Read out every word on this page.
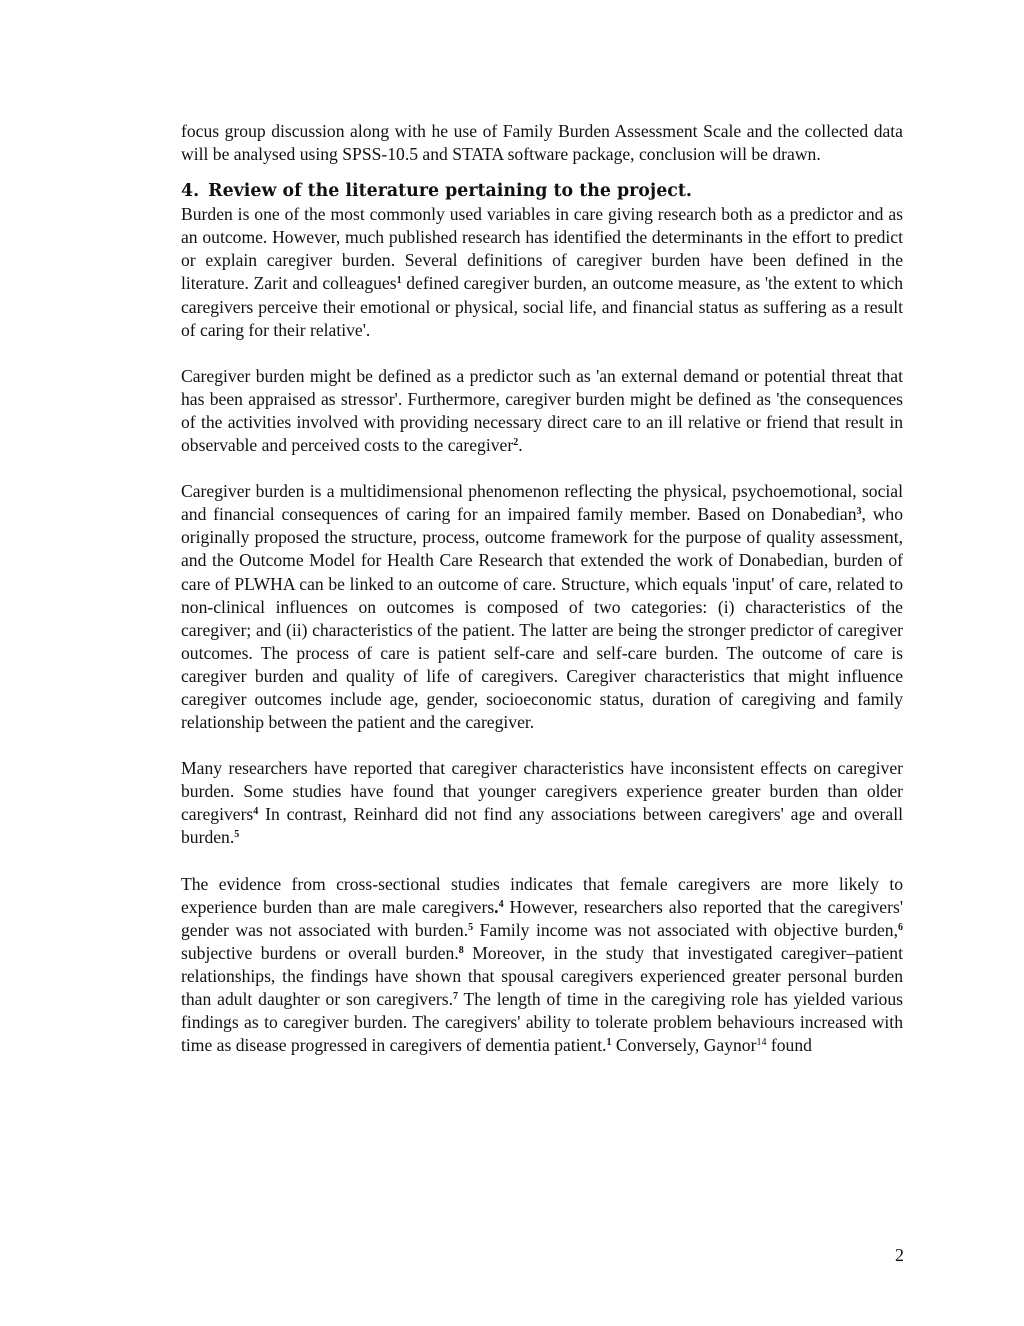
focus group discussion along with he use of Family Burden Assessment Scale and the collected data will be analysed using SPSS-10.5 and STATA software package, conclusion will be drawn.

4. Review of the literature pertaining to the project.

Burden is one of the most commonly used variables in care giving research both as a predictor and as an outcome. However, much published research has identified the determinants in the effort to predict or explain caregiver burden. Several definitions of caregiver burden have been defined in the literature. Zarit and colleagues$^1$ defined caregiver burden, an outcome measure, as 'the extent to which caregivers perceive their emotional or physical, social life, and financial status as suffering as a result of caring for their relative'.

Caregiver burden might be defined as a predictor such as 'an external demand or potential threat that has been appraised as stressor'. Furthermore, caregiver burden might be defined as 'the consequences of the activities involved with providing necessary direct care to an ill relative or friend that result in observable and perceived costs to the caregiver$^2$.

Caregiver burden is a multidimensional phenomenon reflecting the physical, psychoemotional, social and financial consequences of caring for an impaired family member. Based on Donabedian$^3$, who originally proposed the structure, process, outcome framework for the purpose of quality assessment, and the Outcome Model for Health Care Research that extended the work of Donabedian, burden of care of PLWHA can be linked to an outcome of care. Structure, which equals 'input' of care, related to non-clinical influences on outcomes is composed of two categories: (i) characteristics of the caregiver; and (ii) characteristics of the patient. The latter are being the stronger predictor of caregiver outcomes. The process of care is patient self-care and self-care burden. The outcome of care is caregiver burden and quality of life of caregivers. Caregiver characteristics that might influence caregiver outcomes include age, gender, socioeconomic status, duration of caregiving and family relationship between the patient and the caregiver.

Many researchers have reported that caregiver characteristics have inconsistent effects on caregiver burden. Some studies have found that younger caregivers experience greater burden than older caregivers$^4$ In contrast, Reinhard did not find any associations between caregivers' age and overall burden.$^5$

The evidence from cross-sectional studies indicates that female caregivers are more likely to experience burden than are male caregivers.$^4$ However, researchers also reported that the caregivers' gender was not associated with burden.$^5$ Family income was not associated with objective burden,$^6$ subjective burdens or overall burden.$^8$ Moreover, in the study that investigated caregiver–patient relationships, the findings have shown that spousal caregivers experienced greater personal burden than adult daughter or son caregivers.$^7$ The length of time in the caregiving role has yielded various findings as to caregiver burden. The caregivers' ability to tolerate problem behaviours increased with time as disease progressed in caregivers of dementia patient.$^1$ Conversely, Gaynor$^{14}$ found

2
